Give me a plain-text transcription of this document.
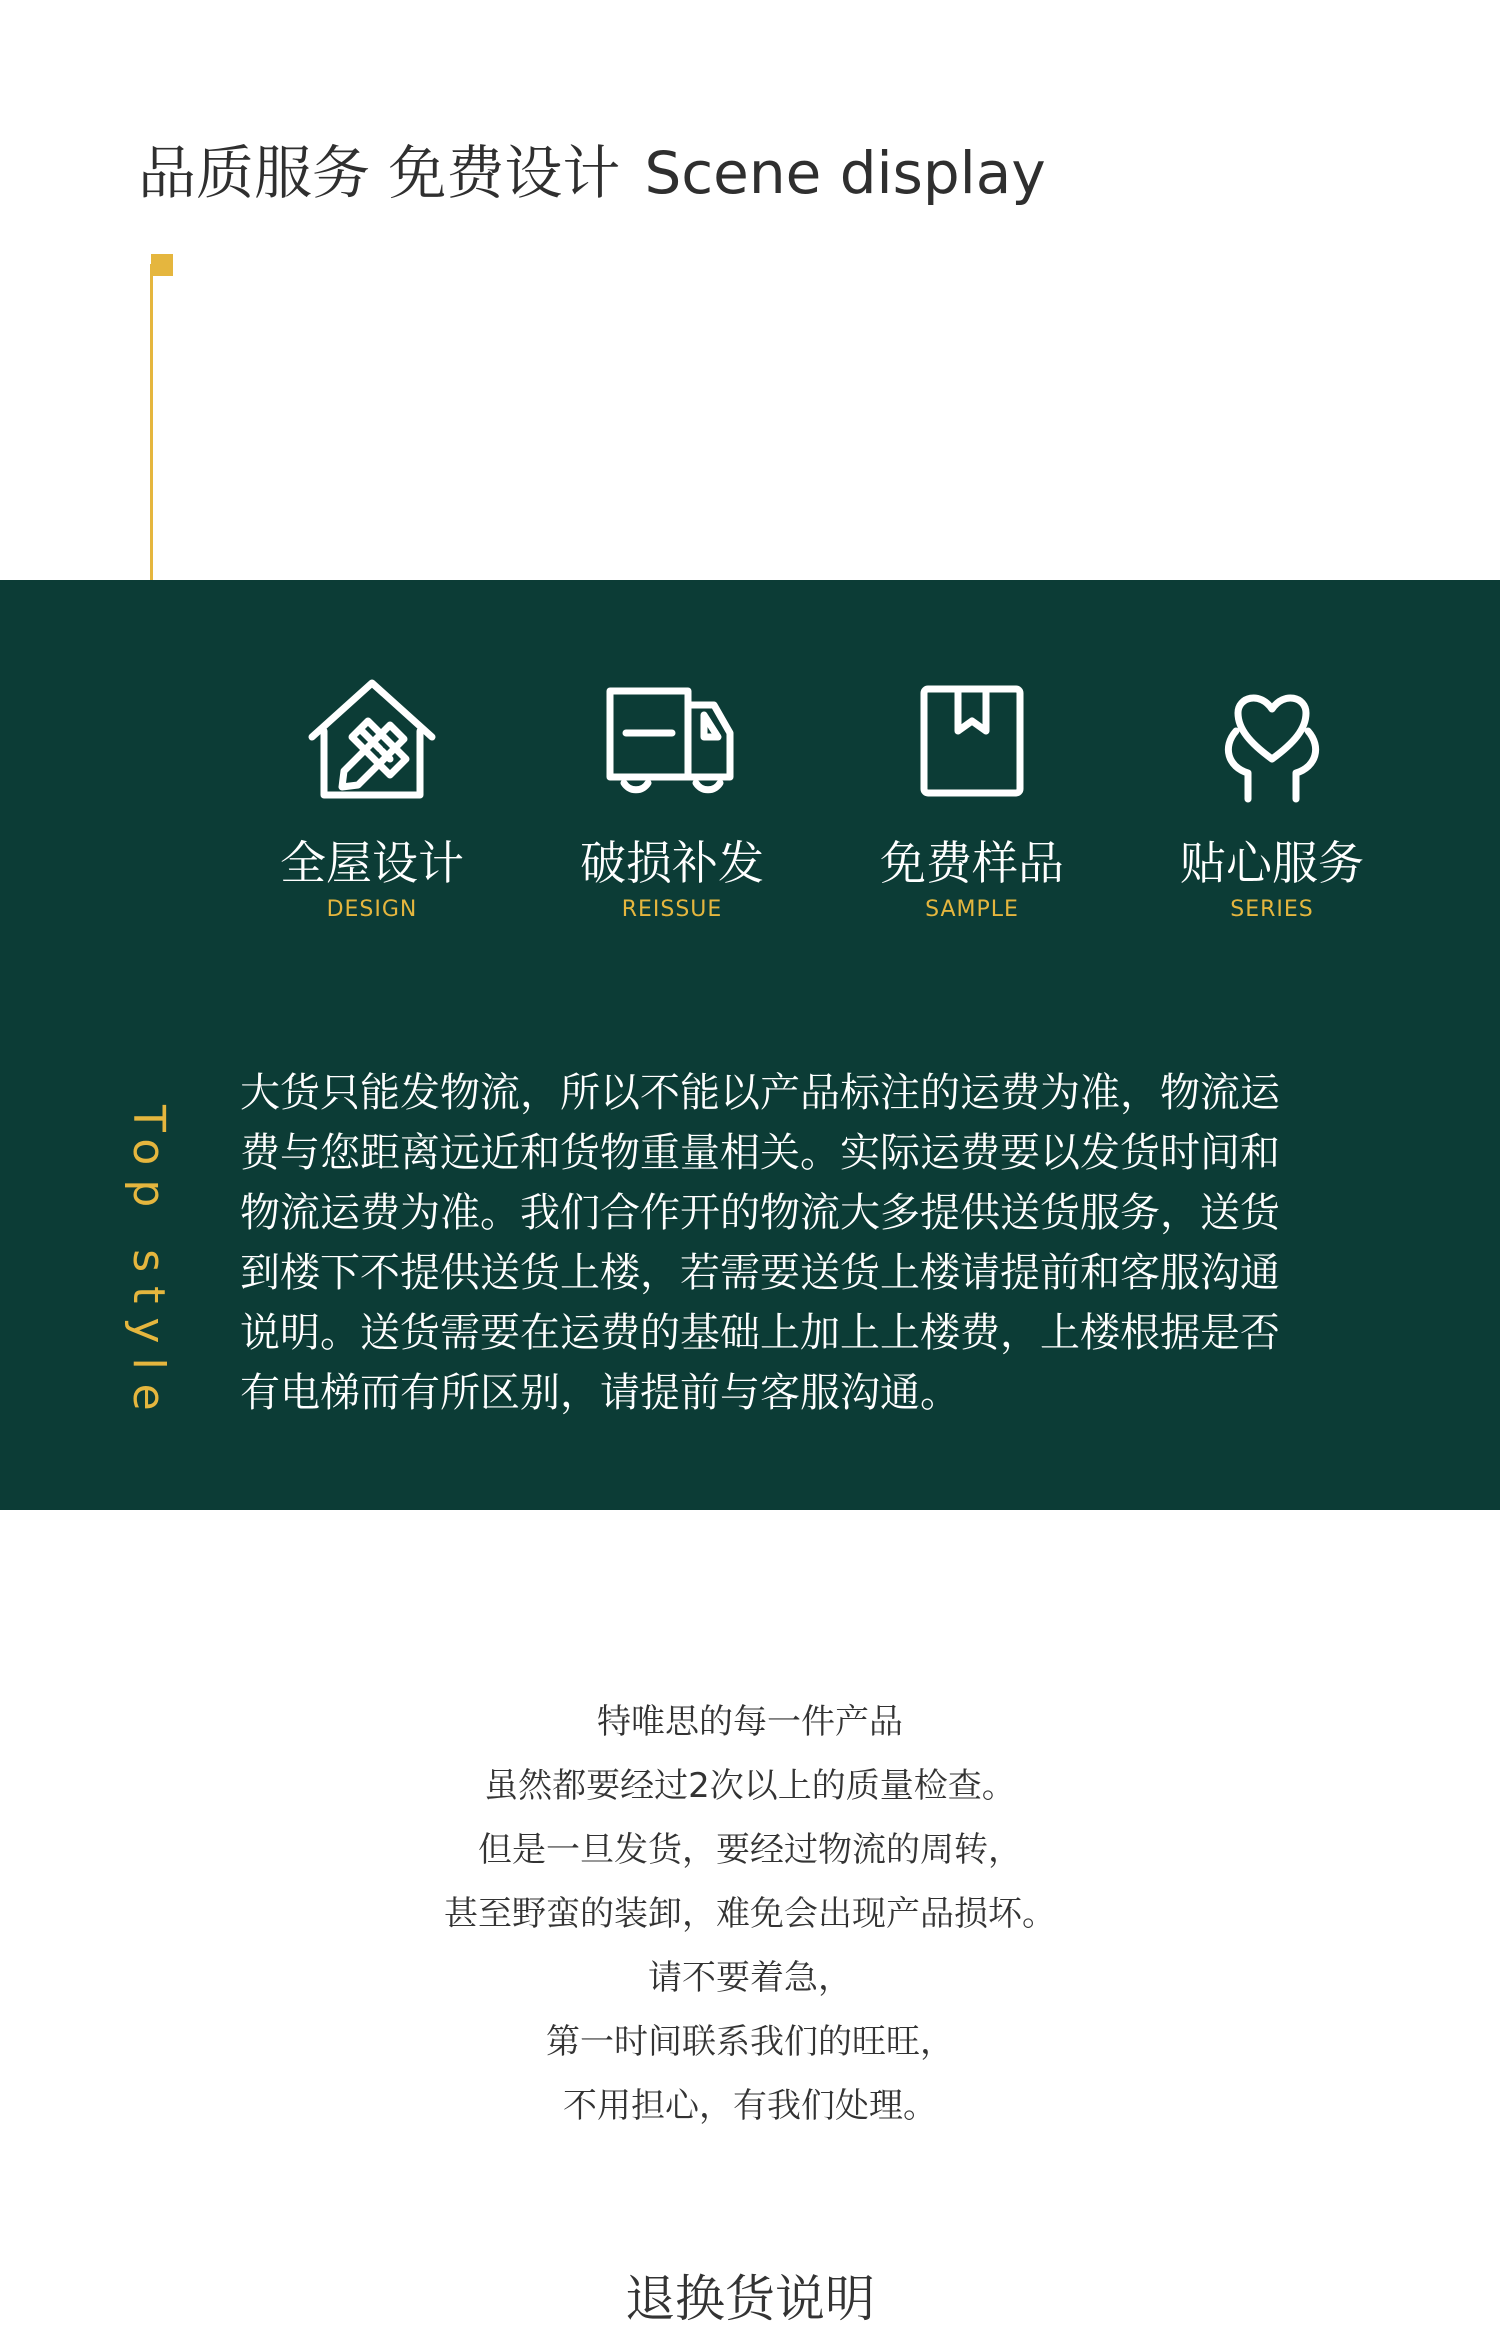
品质服务 免费设计 Scene display

Top style

全屋设计
DESIGN
破损补发
REISSUE
免费样品
SAMPLE
贴心服务
SERIES
大货只能发物流，所以不能以产品标注的运费为准，物流运
费与您距离远近和货物重量相关。实际运费要以发货时间和
物流运费为准。我们合作开的物流大多提供送货服务，送货
到楼下不提供送货上楼，若需要送货上楼请提前和客服沟通
说明。送货需要在运费的基础上加上上楼费，上楼根据是否
有电梯而有所区别，请提前与客服沟通。
特唯思的每一件产品
虽然都要经过2次以上的质量检查。
但是一旦发货，要经过物流的周转，
甚至野蛮的装卸，难免会出现产品损坏。
请不要着急，
第一时间联系我们的旺旺，
不用担心，有我们处理。
退换货说明
